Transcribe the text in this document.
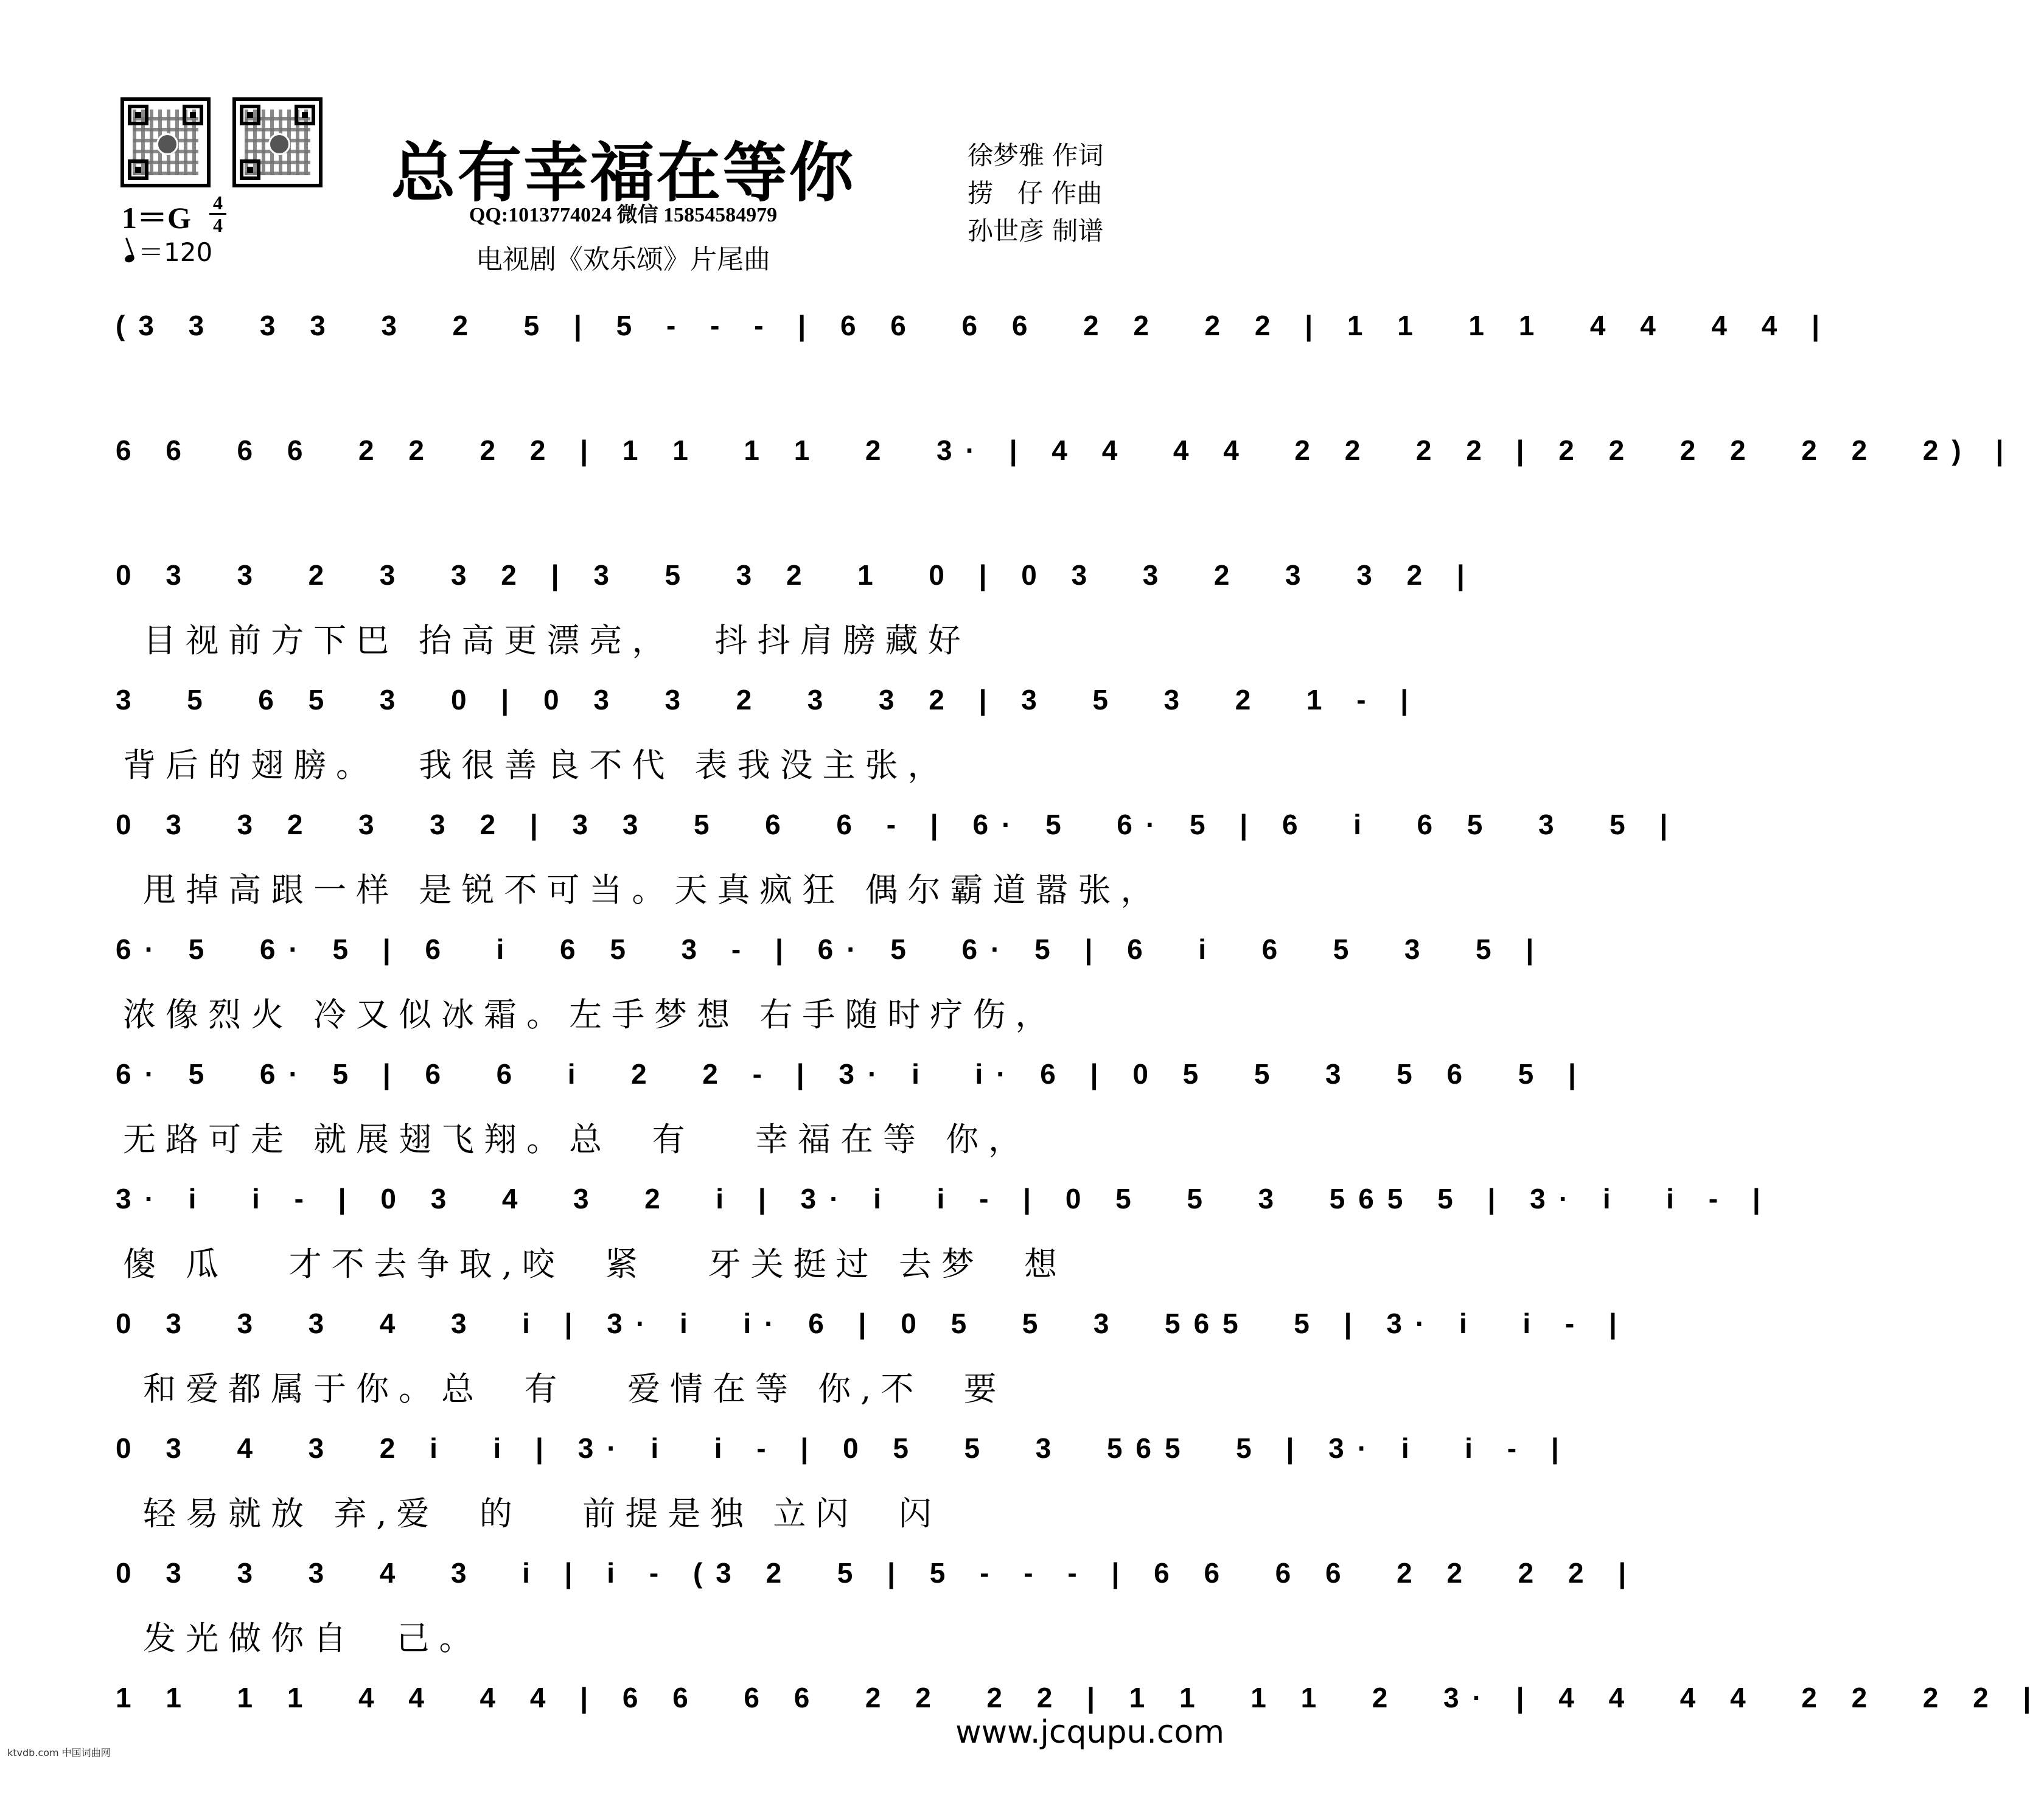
总有幸福在等你
QQ:1013774024 微信 15854584979
电视剧《欢乐颂》片尾曲
徐梦雅 作词
捞   仔 作曲
孙世彦 制谱
1＝G 4
4
＝120
(3 3  3 3  3  2  5 | 5 - - - | 6 6  6 6  2 2  2 2 | 1 1  1 1  4 4  4 4 |
6 6  6 6  2 2  2 2 | 1 1  1 1  2  3· | 4 4  4 4  2 2  2 2 | 2 2  2 2  2 2  2) |
0 3  3  2  3  3 2 | 3  5  3 2  1  0 | 0 3  3  2  3  3 2 |
目视前方下巴 抬高更漂亮，  抖抖肩膀藏好
3  5  6 5  3  0 | 0 3  3  2  3  3 2 | 3  5  3  2  1 - |
背后的翅膀。  我很善良不代 表我没主张，
0 3  3 2  3  3 2 | 3 3  5  6  6 - | 6· 5  6· 5 | 6  i  6 5  3  5 |
甩掉高跟一样 是锐不可当。天真疯狂 偶尔霸道嚣张，
6· 5  6· 5 | 6  i  6 5  3 - | 6· 5  6· 5 | 6  i  6  5  3  5 |
浓像烈火 冷又似冰霜。左手梦想 右手随时疗伤，
6· 5  6· 5 | 6  6  i  2  2 - | 3· i  i· 6 | 0 5  5  3  5 6  5 |
无路可走 就展翅飞翔。总  有   幸福在等 你，
3· i  i - | 0 3  4  3  2  i | 3· i  i - | 0 5  5  3  565 5 | 3· i  i - |
傻 瓜   才不去争取,咬  紧   牙关挺过 去梦  想
0 3  3  3  4  3  i | 3· i  i· 6 | 0 5  5  3  565  5 | 3· i  i - |
和爱都属于你。总  有   爱情在等 你,不  要
0 3  4  3  2 i  i | 3· i  i - | 0 5  5  3  565  5 | 3· i  i - |
轻易就放 弃,爱  的   前提是独 立闪  闪
0 3  3  3  4  3  i | i - (3 2  5 | 5 - - - | 6 6  6 6  2 2  2 2 |
发光做你自  己。
1 1  1 1  4 4  4 4 | 6 6  6 6  2 2  2 2 | 1 1  1 1  2  3· | 4 4  4 4  2 2  2 2 |
www.jcqupu.com
ktvdb.com 中国词曲网
